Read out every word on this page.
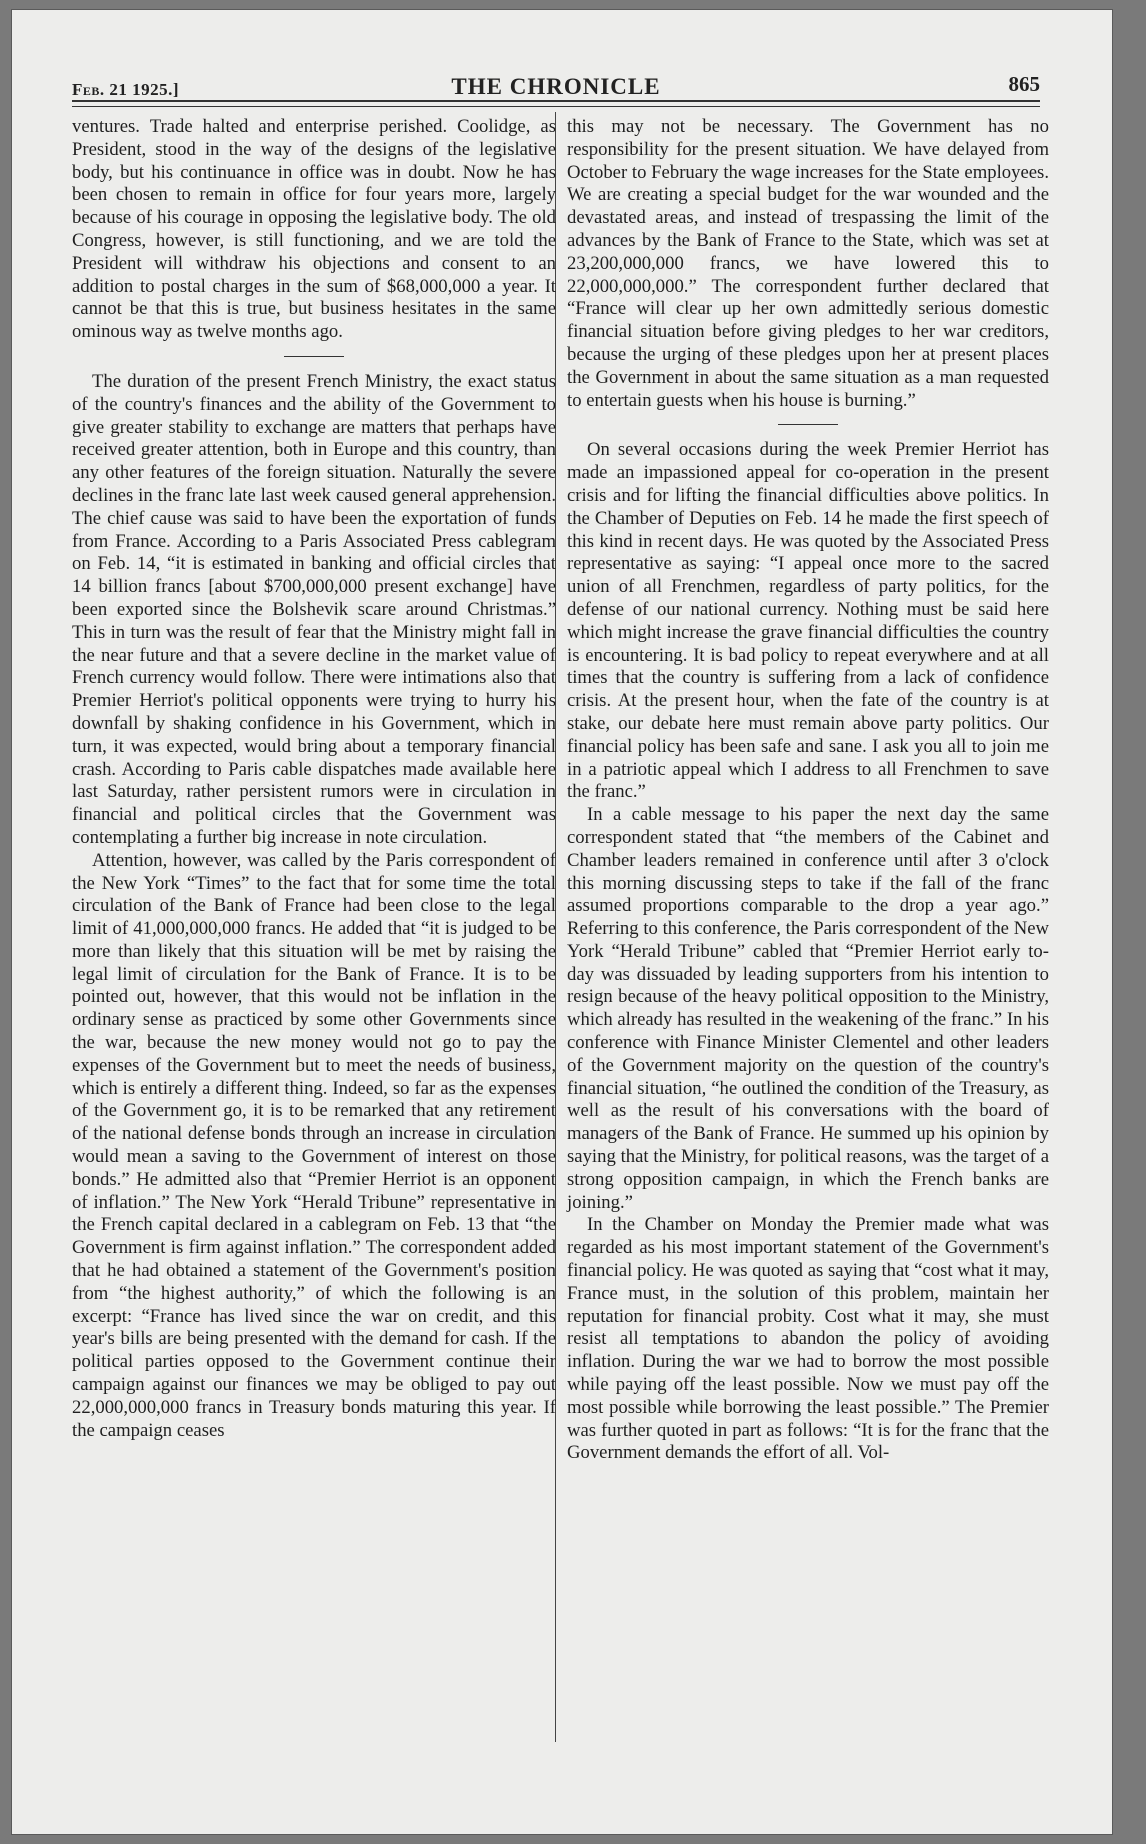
Feb. 21 1925.]	THE CHRONICLE	865

ventures. Trade halted and enterprise perished. Coolidge, as President, stood in the way of the designs of the legislative body, but his continuance in office was in doubt. Now he has been chosen to remain in office for four years more, largely because of his courage in opposing the legislative body. The old Congress, however, is still functioning, and we are told the President will withdraw his objections and consent to an addition to postal charges in the sum of $68,000,000 a year. It cannot be that this is true, but business hesitates in the same ominous way as twelve months ago.

The duration of the present French Ministry, the exact status of the country's finances and the ability of the Government to give greater stability to exchange are matters that perhaps have received greater attention, both in Europe and this country, than any other features of the foreign situation. Naturally the severe declines in the franc late last week caused general apprehension. The chief cause was said to have been the exportation of funds from France. According to a Paris Associated Press cablegram on Feb. 14, “it is estimated in banking and official circles that 14 billion francs [about $700,000,000 present exchange] have been exported since the Bolshevik scare around Christmas.” This in turn was the result of fear that the Ministry might fall in the near future and that a severe decline in the market value of French currency would follow. There were intimations also that Premier Herriot's political opponents were trying to hurry his downfall by shaking confidence in his Government, which in turn, it was expected, would bring about a temporary financial crash. According to Paris cable dispatches made available here last Saturday, rather persistent rumors were in circulation in financial and political circles that the Government was contemplating a further big increase in note circulation.

Attention, however, was called by the Paris correspondent of the New York “Times” to the fact that for some time the total circulation of the Bank of France had been close to the legal limit of 41,000,000,000 francs. He added that “it is judged to be more than likely that this situation will be met by raising the legal limit of circulation for the Bank of France. It is to be pointed out, however, that this would not be inflation in the ordinary sense as practiced by some other Governments since the war, because the new money would not go to pay the expenses of the Government but to meet the needs of business, which is entirely a different thing. Indeed, so far as the expenses of the Government go, it is to be remarked that any retirement of the national defense bonds through an increase in circulation would mean a saving to the Government of interest on those bonds.” He admitted also that “Premier Herriot is an opponent of inflation.” The New York “Herald Tribune” representative in the French capital declared in a cablegram on Feb. 13 that “the Government is firm against inflation.” The correspondent added that he had obtained a statement of the Government's position from “the highest authority,” of which the following is an excerpt: “France has lived since the war on credit, and this year's bills are being presented with the demand for cash. If the political parties opposed to the Government continue their campaign against our finances we may be obliged to pay out 22,000,000,000 francs in Treasury bonds maturing this year. If the campaign ceases

this may not be necessary. The Government has no responsibility for the present situation. We have delayed from October to February the wage increases for the State employees. We are creating a special budget for the war wounded and the devastated areas, and instead of trespassing the limit of the advances by the Bank of France to the State, which was set at 23,200,000,000 francs, we have lowered this to 22,000,000,000.” The correspondent further declared that “France will clear up her own admittedly serious domestic financial situation before giving pledges to her war creditors, because the urging of these pledges upon her at present places the Government in about the same situation as a man requested to entertain guests when his house is burning.”

On several occasions during the week Premier Herriot has made an impassioned appeal for co-operation in the present crisis and for lifting the financial difficulties above politics. In the Chamber of Deputies on Feb. 14 he made the first speech of this kind in recent days. He was quoted by the Associated Press representative as saying: “I appeal once more to the sacred union of all Frenchmen, regardless of party politics, for the defense of our national currency. Nothing must be said here which might increase the grave financial difficulties the country is encountering. It is bad policy to repeat everywhere and at all times that the country is suffering from a lack of confidence crisis. At the present hour, when the fate of the country is at stake, our debate here must remain above party politics. Our financial policy has been safe and sane. I ask you all to join me in a patriotic appeal which I address to all Frenchmen to save the franc.”

In a cable message to his paper the next day the same correspondent stated that “the members of the Cabinet and Chamber leaders remained in conference until after 3 o'clock this morning discussing steps to take if the fall of the franc assumed proportions comparable to the drop a year ago.” Referring to this conference, the Paris correspondent of the New York “Herald Tribune” cabled that “Premier Herriot early to-day was dissuaded by leading supporters from his intention to resign because of the heavy political opposition to the Ministry, which already has resulted in the weakening of the franc.” In his conference with Finance Minister Clementel and other leaders of the Government majority on the question of the country's financial situation, “he outlined the condition of the Treasury, as well as the result of his conversations with the board of managers of the Bank of France. He summed up his opinion by saying that the Ministry, for political reasons, was the target of a strong opposition campaign, in which the French banks are joining.”

In the Chamber on Monday the Premier made what was regarded as his most important statement of the Government's financial policy. He was quoted as saying that “cost what it may, France must, in the solution of this problem, maintain her reputation for financial probity. Cost what it may, she must resist all temptations to abandon the policy of avoiding inflation. During the war we had to borrow the most possible while paying off the least possible. Now we must pay off the most possible while borrowing the least possible.” The Premier was further quoted in part as follows: “It is for the franc that the Government demands the effort of all. Vol-
